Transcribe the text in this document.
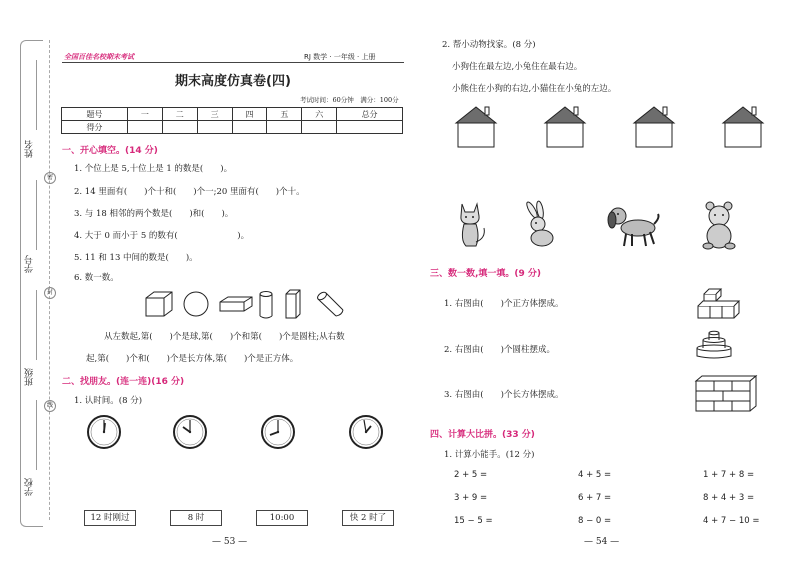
姓名
学号
班级
学校
密
封
线
全国百佳名校期末考试	RJ 数学 · 一年级 · 上册
期末高度仿真卷(四)
考试时间：60分钟　满分：100分
题号	一	二	三	四	五	六	总分
得分							
一、开心填空。(14 分)
1. 个位上是 5,十位上是 1 的数是(　　)。
2. 14 里面有(　　)个十和(　　)个一;20 里面有(　　)个十。
3. 与 18 相邻的两个数是(　　)和(　　)。
4. 大于 0 而小于 5 的数有(　　　　　　　)。
5. 11 和 13 中间的数是(　　)。
6. 数一数。
从左数起,第(　　)个是球,第(　　)个和第(　　)个是圆柱;从右数
起,第(　　)个和(　　)个是长方体,第(　　)个是正方体。
二、找朋友。(连一连)(16 分)
1. 认时间。(8 分)
12 时刚过	8 时	10:00	快 2 时了
— 53 —
2. 帮小动物找家。(8 分)
小狗住在最左边,小兔住在最右边。
小熊住在小狗的右边,小猫住在小兔的左边。
三、数一数,填一填。(9 分)
1. 右图由(　　)个正方体摆成。
2. 右图由(　　)个圆柱摆成。
3. 右图由(　　)个长方体摆成。
四、计算大比拼。(33 分)
1. 计算小能手。(12 分)
2 + 5 =	4 + 5 =	1 + 7 + 8 =
3 + 9 =	6 + 7 =	8 + 4 + 3 =
15 − 5 =	8 − 0 =	4 + 7 − 10 =
— 54 —
